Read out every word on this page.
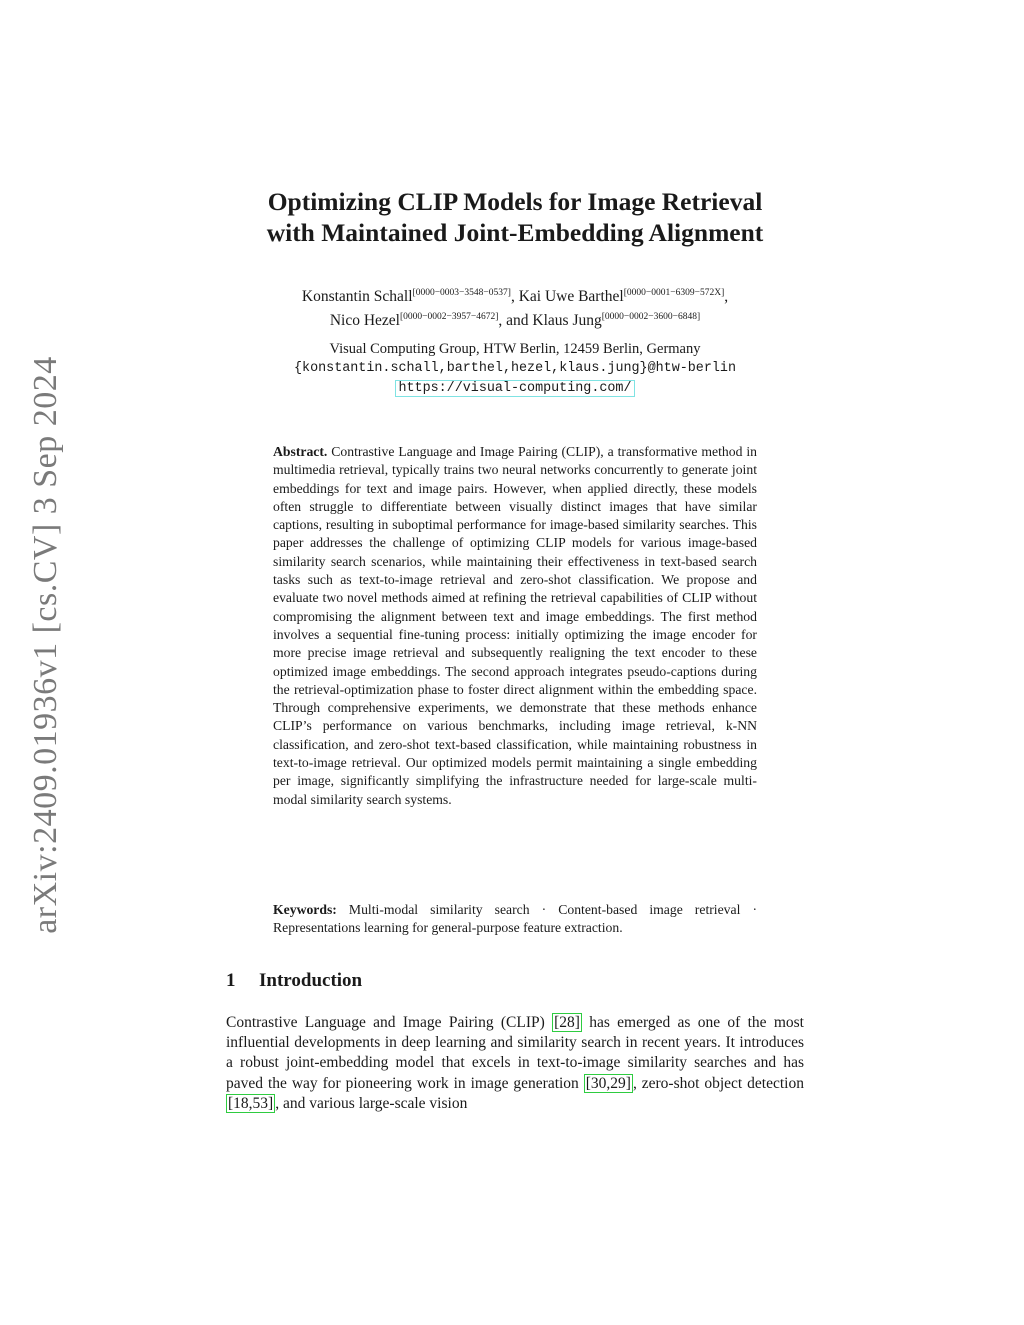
arXiv:2409.01936v1 [cs.CV] 3 Sep 2024
Optimizing CLIP Models for Image Retrieval
with Maintained Joint-Embedding Alignment
Konstantin Schall[0000−0003−3548−0537], Kai Uwe Barthel[0000−0001−6309−572X],
Nico Hezel[0000−0002−3957−4672], and Klaus Jung[0000−0002−3600−6848]
Visual Computing Group, HTW Berlin, 12459 Berlin, Germany
{konstantin.schall,barthel,hezel,klaus.jung}@htw-berlin
https://visual-computing.com/

Abstract. Contrastive Language and Image Pairing (CLIP), a transformative method in multimedia retrieval, typically trains two neural networks concurrently to generate joint embeddings for text and image pairs. However, when applied directly, these models often struggle to differentiate between visually distinct images that have similar captions, resulting in suboptimal performance for image-based similarity searches. This paper addresses the challenge of optimizing CLIP models for various image-based similarity search scenarios, while maintaining their effectiveness in text-based search tasks such as text-to-image retrieval and zero-shot classification. We propose and evaluate two novel methods aimed at refining the retrieval capabilities of CLIP without compromising the alignment between text and image embeddings. The first method involves a sequential fine-tuning process: initially optimizing the image encoder for more precise image retrieval and subsequently realigning the text encoder to these optimized image embeddings. The second approach integrates pseudo-captions during the retrieval-optimization phase to foster direct alignment within the embedding space. Through comprehensive experiments, we demonstrate that these methods enhance CLIP’s performance on various benchmarks, including image retrieval, k-NN classification, and zero-shot text-based classification, while maintaining robustness in text-to-image retrieval. Our optimized models permit maintaining a single embedding per image, significantly simplifying the infrastructure needed for large-scale multi-modal similarity search systems.

Keywords: Multi-modal similarity search · Content-based image retrieval · Representations learning for general-purpose feature extraction.

1 Introduction

Contrastive Language and Image Pairing (CLIP) [28] has emerged as one of the most influential developments in deep learning and similarity search in recent years. It introduces a robust joint-embedding model that excels in text-to-image similarity searches and has paved the way for pioneering work in image generation [30,29] , zero-shot object detection [18,53] , and various large-scale vision
